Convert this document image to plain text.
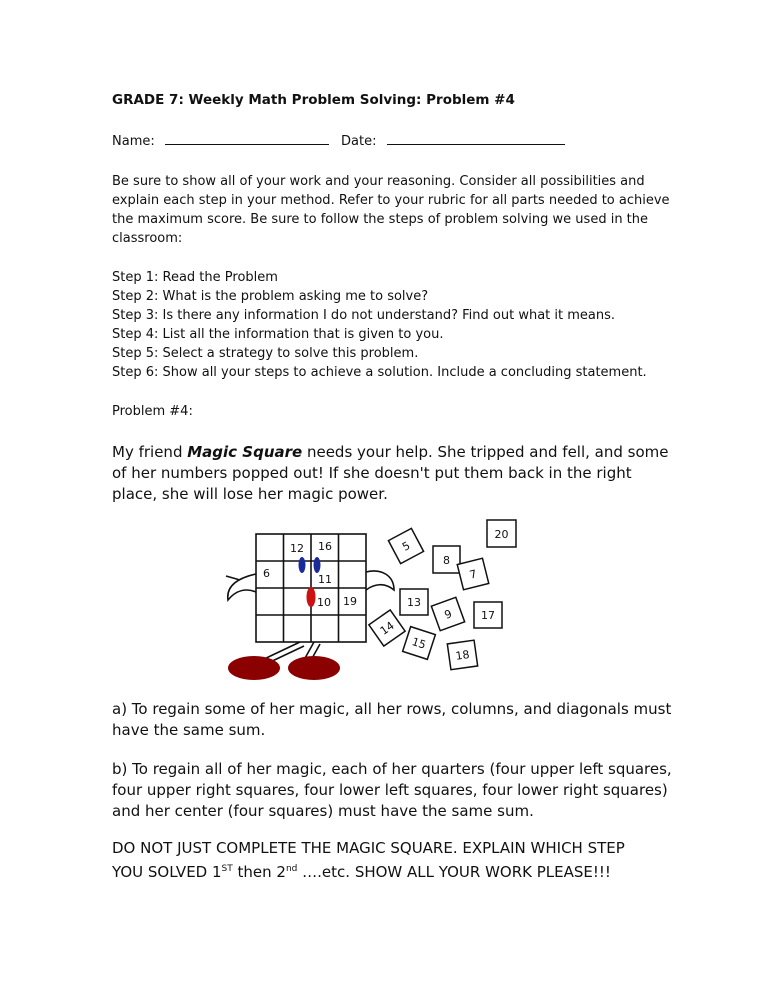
GRADE 7: Weekly Math Problem Solving: Problem #4
Name:	Date:
Be sure to show all of your work and your reasoning. Consider all possibilities and explain each step in your method. Refer to your rubric for all parts needed to achieve the maximum score. Be sure to follow the steps of problem solving we used in the classroom:
Step 1: Read the Problem
Step 2: What is the problem asking me to solve?
Step 3: Is there any information I do not understand? Find out what it means.
Step 4: List all the information that is given to you.
Step 5: Select a strategy to solve this problem.
Step 6: Show all your steps to achieve a solution. Include a concluding statement.
Problem #4:
My friend Magic Square needs your help. She tripped and fell, and some of her numbers popped out! If she doesn't put them back in the right place, she will lose her magic power.
12 16
6	11
10 19
20
5
8
7
13
9 17
14
15
18
a) To regain some of her magic, all her rows, columns, and diagonals must have the same sum.
b) To regain all of her magic, each of her quarters (four upper left squares, four upper right squares, four lower left squares, four lower right squares) and her center (four squares) must have the same sum.
DO NOT JUST COMPLETE THE MAGIC SQUARE. EXPLAIN WHICH STEP
YOU SOLVED 1ST then 2nd ….etc. SHOW ALL YOUR WORK PLEASE!!!
